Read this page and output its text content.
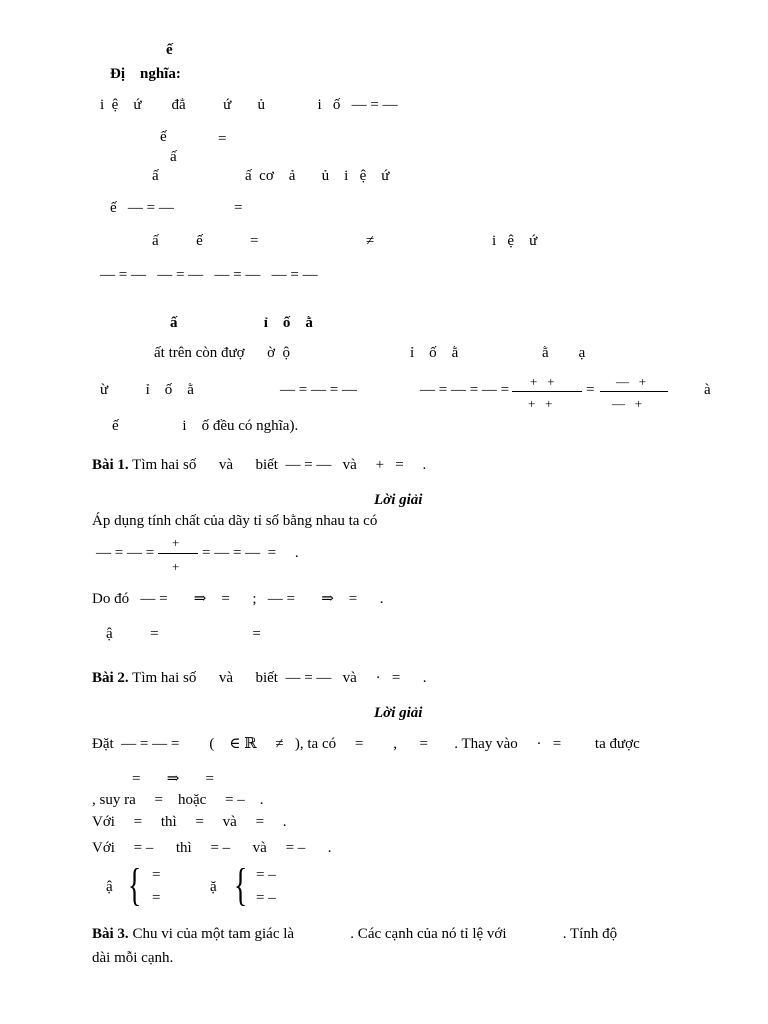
ế
Đị    nghĩa:
i  ệ    ứ        đẳ          ứ       ủ              i   ố   — = —
ế	=
ấ
ấ	ấ  cơ    ả       ủ    i   ệ    ứ
ế   — = —	=
ấ          ế	=	≠	i   ệ    ứ
— = —   — = —   — = —   — = —
ấ                       ỉ    ố    ằ
ất trên còn đượ      ờ  ộ	ỉ    ố    ằ	ằ        ạ
ừ          ỉ    ố    ằ	— = — = —	— = — = — =
+   +
+   +
=
—   +
—   +
à
ế                 i    ố đều có nghĩa).
Bài 1. Tìm hai số      và      biết  — = —   và     +   =     .
Lời giải
Áp dụng tính chất của dãy tỉ số bằng nhau ta có
— = — =
+
+
= — = —  =     .
Do đó   — =       ⇒    =      ;   — =       ⇒    =      .
ậ          =                         =
Bài 2. Tìm hai số      và      biết  — = —   và     ·   =      .
Lời giải
Đặt  — = — =        (    ∈ ℝ     ≠   ), ta có     =        ,      =       . Thay vào     ·   =         ta được
=       ⇒       =
, suy ra     =    hoặc     = –    .
Với     =     thì     =     và     =     .
Với     = –      thì     = –      và     = –      .
ậ { =
=
ặ { = –
= –
Bài 3. Chu vi của một tam giác là               . Các cạnh của nó tỉ lệ với               . Tính độ
dài mỗi cạnh.
